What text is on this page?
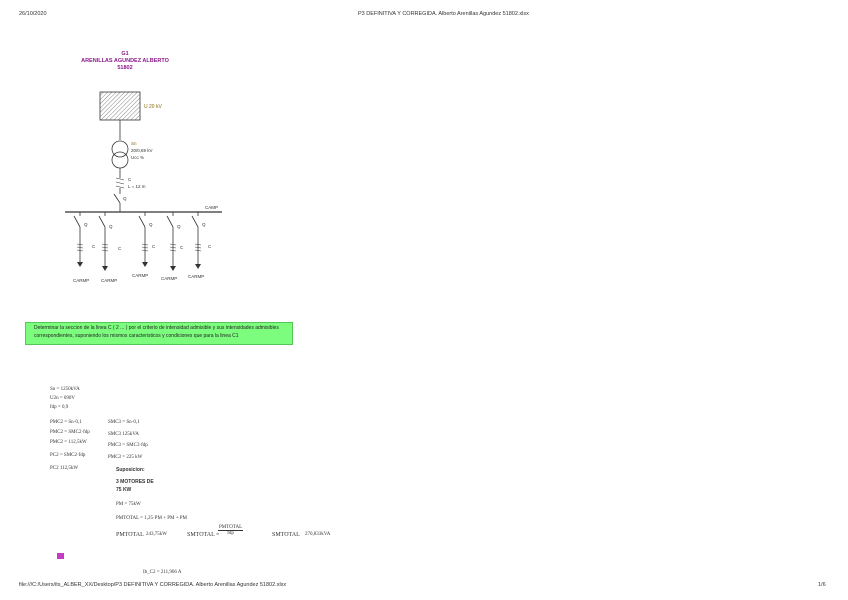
26/10/2020	P3 DEFINITIVA Y CORREGIDA. Alberto Arenillas Agundez 51802.xlsx
file:///C:/Users/its_ALBER_XX/Desktop/P3 DEFINITIVA Y CORREGIDA. Alberto Arenillas Agundez 51802.xlsx	1/6
G1
ARENILLAS AGUNDEZ ALBERTO
51802
U 20 kV
Sn
20/0,69 kV
Ucc %
C
L = 12 m
Q
CAMP
Q	Q	Q	Q	Q
C	C	C	C	C
CARMP	CARMP
CARMP
CARMP CARMP
Determinar la seccion de la linea C ( 2 ... ) por el criterio de intensidad admisible y sus intensidades admisibles correspondientes, suponiendo los mismos caracteristicos y condiciones que para la linea C1
Sn = 1250kVA
U2n = 690V
fdp = 0,9
PMC2 = Sn·0,1
PMC2 = SMC2·fdp
PMC2 = 112,5kW
PC2 = SMC2·fdp
PC2 112,5kW
SMC3 = Sn·0,1
SMC3 125kVA
PMC3 = SMC3·fdp
PMC3 = 225 kW
Suposicion:
3 MOTORES DE
75 KW
PM = 75kW
PMTOTAL = 1,25·PM + PM + PM
PMTOTAL 243,75kW	SMTOTAL =
PMTOTAL
fdp	SMTOTAL 270,833kVA
Ib_C2 = 211,966 A
